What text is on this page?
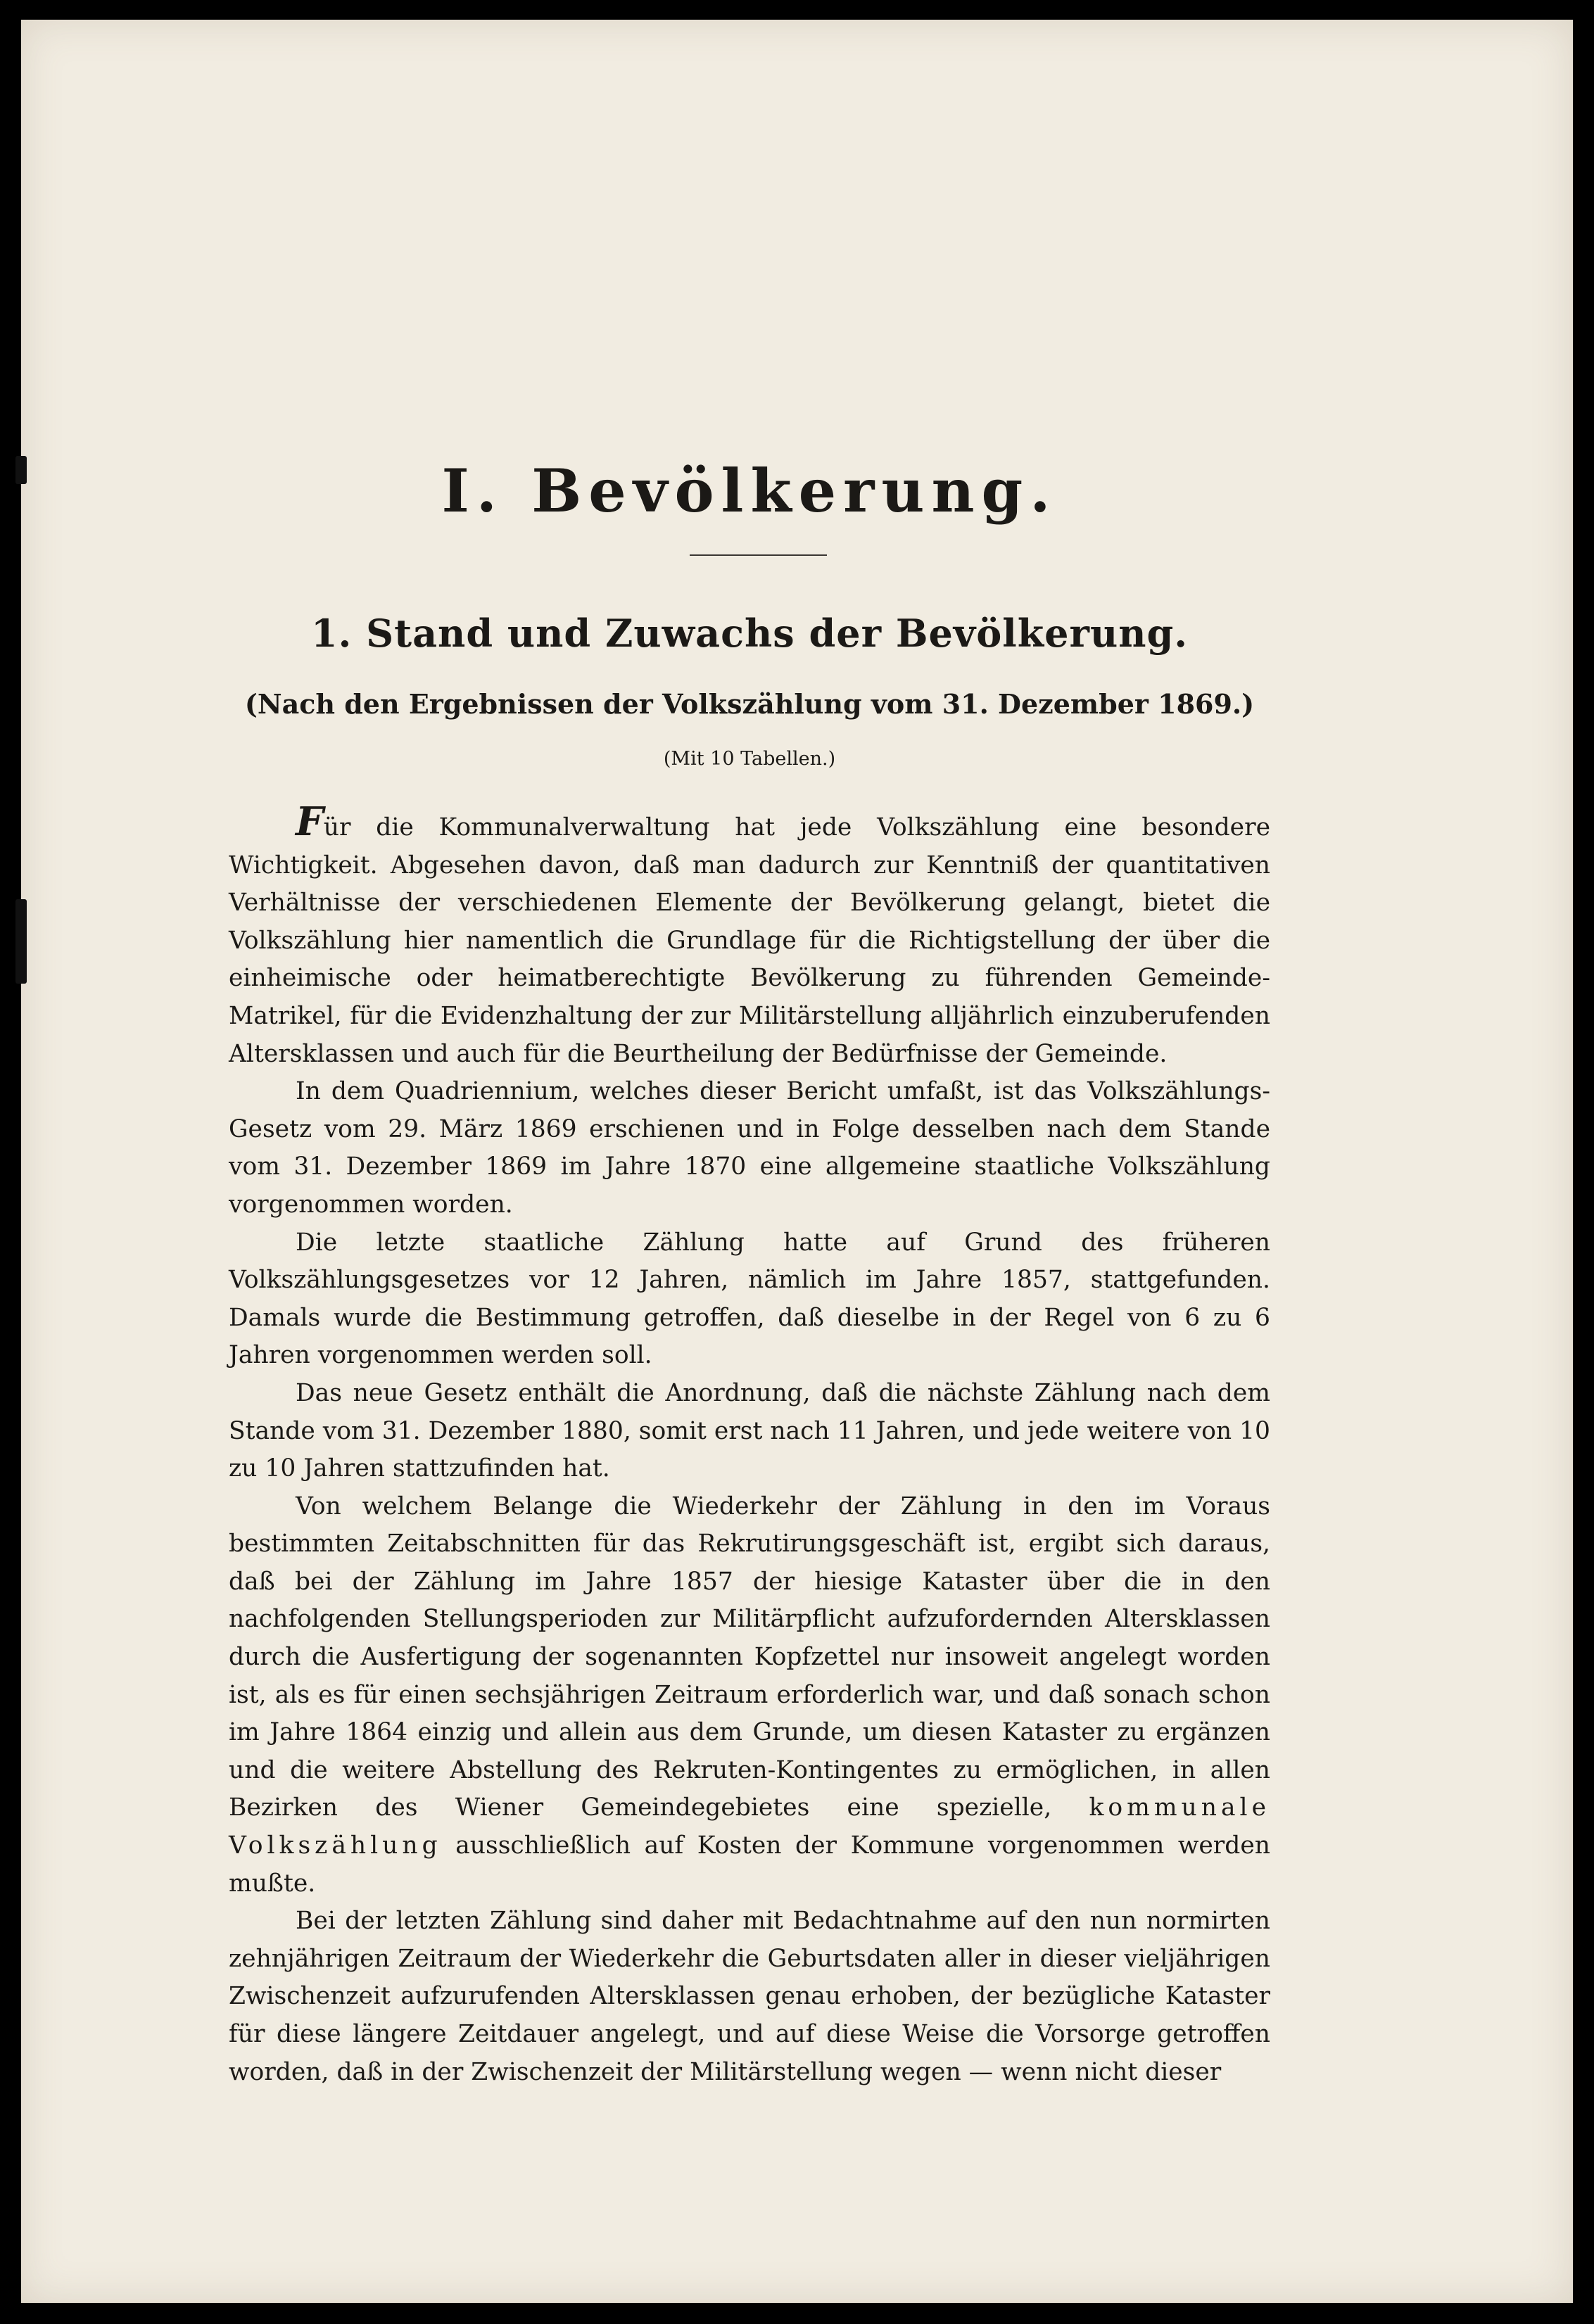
I. Bevölkerung.
1. Stand und Zuwachs der Bevölkerung.

(Nach den Ergebnissen der Volkszählung vom 31. Dezember 1869.)

(Mit 10 Tabellen.)

Für die Kommunalverwaltung hat jede Volkszählung eine besondere Wichtigkeit. Abgesehen davon, daß man dadurch zur Kenntniß der quantitativen Verhältnisse der verschiedenen Elemente der Bevölkerung gelangt, bietet die Volkszählung hier namentlich die Grundlage für die Richtigstellung der über die einheimische oder heimatberechtigte Bevölkerung zu führenden Gemeinde-Matrikel, für die Evidenzhaltung der zur Militärstellung alljährlich einzuberufenden Altersklassen und auch für die Beurtheilung der Bedürfnisse der Gemeinde.

In dem Quadriennium, welches dieser Bericht umfaßt, ist das Volkszählungs-Gesetz vom 29. März 1869 erschienen und in Folge desselben nach dem Stande vom 31. Dezember 1869 im Jahre 1870 eine allgemeine staatliche Volkszählung vorgenommen worden.

Die letzte staatliche Zählung hatte auf Grund des früheren Volkszählungsgesetzes vor 12 Jahren, nämlich im Jahre 1857, stattgefunden. Damals wurde die Bestimmung getroffen, daß dieselbe in der Regel von 6 zu 6 Jahren vorgenommen werden soll.

Das neue Gesetz enthält die Anordnung, daß die nächste Zählung nach dem Stande vom 31. Dezember 1880, somit erst nach 11 Jahren, und jede weitere von 10 zu 10 Jahren stattzufinden hat.

Von welchem Belange die Wiederkehr der Zählung in den im Voraus bestimmten Zeitabschnitten für das Rekrutirungsgeschäft ist, ergibt sich daraus, daß bei der Zählung im Jahre 1857 der hiesige Kataster über die in den nachfolgenden Stellungsperioden zur Militärpflicht aufzufordernden Altersklassen durch die Ausfertigung der sogenannten Kopfzettel nur insoweit angelegt worden ist, als es für einen sechsjährigen Zeitraum erforderlich war, und daß sonach schon im Jahre 1864 einzig und allein aus dem Grunde, um diesen Kataster zu ergänzen und die weitere Abstellung des Rekruten-Kontingentes zu ermöglichen, in allen Bezirken des Wiener Gemeindegebietes eine spezielle, kommunale Volkszählung ausschließlich auf Kosten der Kommune vorgenommen werden mußte.

Bei der letzten Zählung sind daher mit Bedachtnahme auf den nun normirten zehnjährigen Zeitraum der Wiederkehr die Geburtsdaten aller in dieser vieljährigen Zwischenzeit aufzurufenden Altersklassen genau erhoben, der bezügliche Kataster für diese längere Zeitdauer angelegt, und auf diese Weise die Vorsorge getroffen worden, daß in der Zwischenzeit der Militärstellung wegen — wenn nicht dieser
